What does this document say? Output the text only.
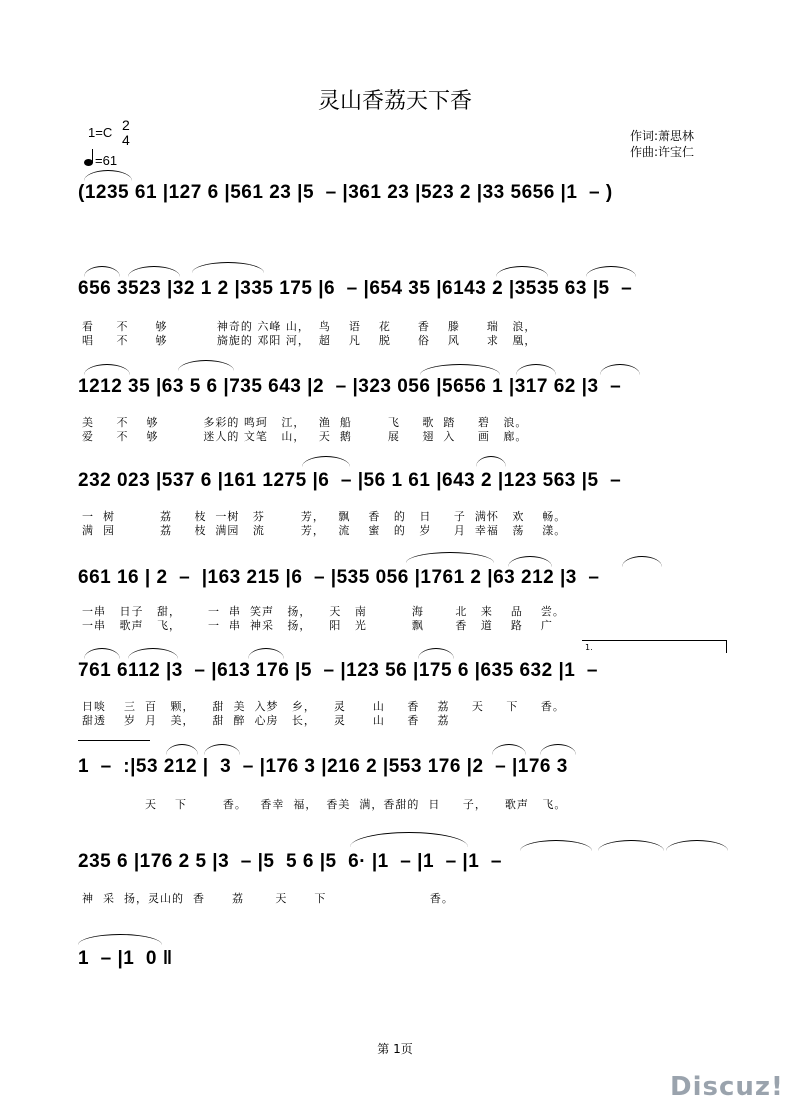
灵山香荔天下香
1=C 2
4
=61
作词:萧思林
作曲:许宝仁
(1235 61 |127 6 |561 23 |5  – |361 23 |523 2 |33 5656 |1  – )
656 3523 |32 1 2 |335 175 |6  – |654 35 |6143 2 |3535 63 |5  –
看     不      够           神奇的 六峰 山，  鸟    语    花      香    滕      瑞   浪，
唱     不      够           旖旎的 邓阳 河，  超    凡    脱      俗    风      求   凰，
1212 35 |63 5 6 |735 643 |2  – |323 056 |5656 1 |317 62 |3  –
美     不    够          多彩的 鸣珂   江，   渔  船        飞     歌  踏     碧   浪。
爱     不    够          迷人的 文笔   山，   天  鹅        展     翅  入     画   廊。
232 023 |537 6 |161 1275 |6  – |56 1 61 |643 2 |123 563 |5  –
一  树          荔     枝  一树   芬        芳，   飘    香   的   日     子  满怀   欢    畅。
满  园          荔     枝  满园   流        芳，   流    蜜   的   岁     月  幸福   荡    漾。
661 16 | 2  –  |163 215 |6  – |535 056 |1761 2 |63 212 |3  –
一串   日子   甜，      一  串  笑声   扬，    天   南          海       北   来    品    尝。
一串   歌声   飞，      一  串  神采   扬，    阳   光          飘       香   道    路    广
1.
761 6112 |3  – |613 176 |5  – |123 56 |175 6 |635 632 |1  –
日啖    三  百   颗，    甜  美  入梦   乡，    灵      山     香    荔     天     下     香。
甜透    岁  月   美，    甜  醉  心房   长，    灵      山     香    荔
1  –  :|53 212 |  3  – |176 3 |216 2 |553 176 |2  – |176 3
天    下        香。   香幸  福，  香美  满，香甜的  日     子，    歌声   飞。
235 6 |176 2 5 |3  – |5  5 6 |5  6· |1  – |1  – |1  –
神  采  扬，灵山的  香      荔       天      下                       香。
1  – |1  0 ‖
第 1页
Discuz!
